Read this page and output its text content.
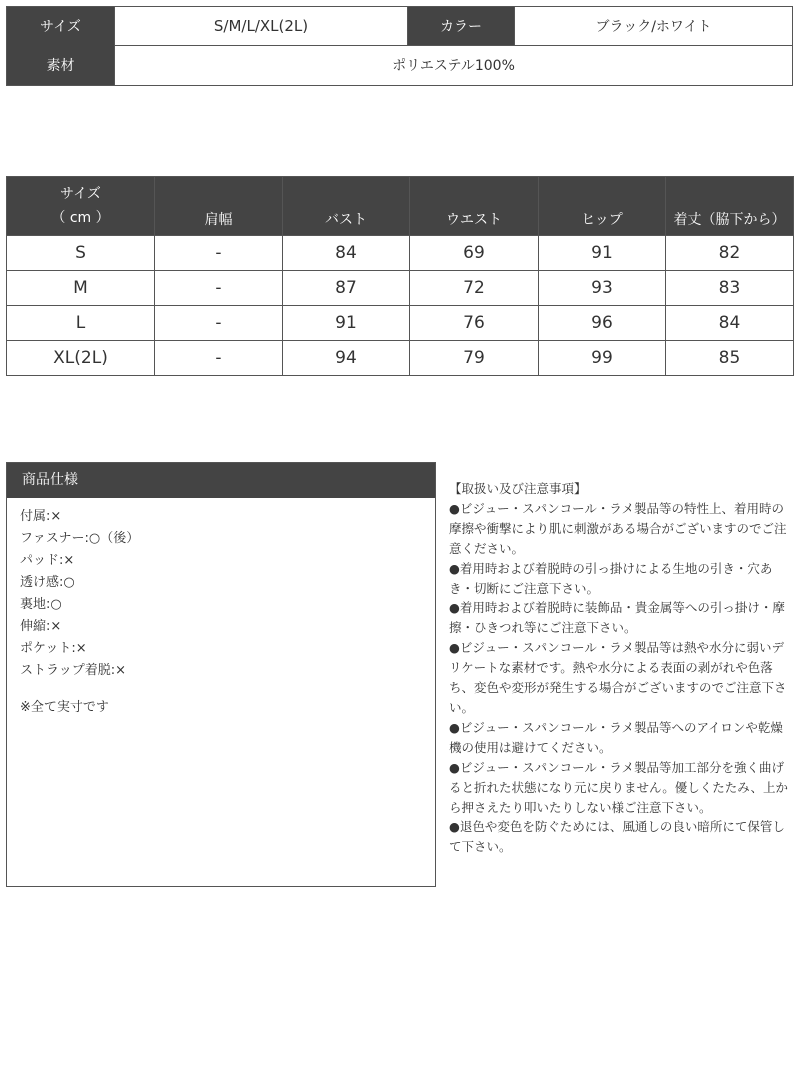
サイズ	S/M/L/XL(2L)	カラー	ブラック/ホワイト
素材	ポリエステル100%
サイズ
（ cm ）	肩幅	バスト	ウエスト	ヒップ	着丈（脇下から）
S	-	84	69	91	82
M	-	87	72	93	83
L	-	91	76	96	84
XL(2L)	-	94	79	99	85
商品仕様
付属:×
ファスナー:○（後）
パッド:×
透け感:○
裏地:○
伸縮:×
ポケット:×
ストラップ着脱:×
※全て実寸です

【取扱い及び注意事項】

●ビジュー・スパンコール・ラメ製品等の特性上、着用時の摩擦や衝撃により肌に刺激がある場合がございますのでご注意ください。

●着用時および着脱時の引っ掛けによる生地の引き・穴あき・切断にご注意下さい。

●着用時および着脱時に装飾品・貴金属等への引っ掛け・摩擦・ひきつれ等にご注意下さい。

●ビジュー・スパンコール・ラメ製品等は熱や水分に弱いデリケートな素材です。熱や水分による表面の剥がれや色落ち、変色や変形が発生する場合がございますのでご注意下さい。

●ビジュー・スパンコール・ラメ製品等へのアイロンや乾燥機の使用は避けてください。

●ビジュー・スパンコール・ラメ製品等加工部分を強く曲げると折れた状態になり元に戻りません。優しくたたみ、上から押さえたり叩いたりしない様ご注意下さい。

●退色や変色を防ぐためには、風通しの良い暗所にて保管して下さい。
